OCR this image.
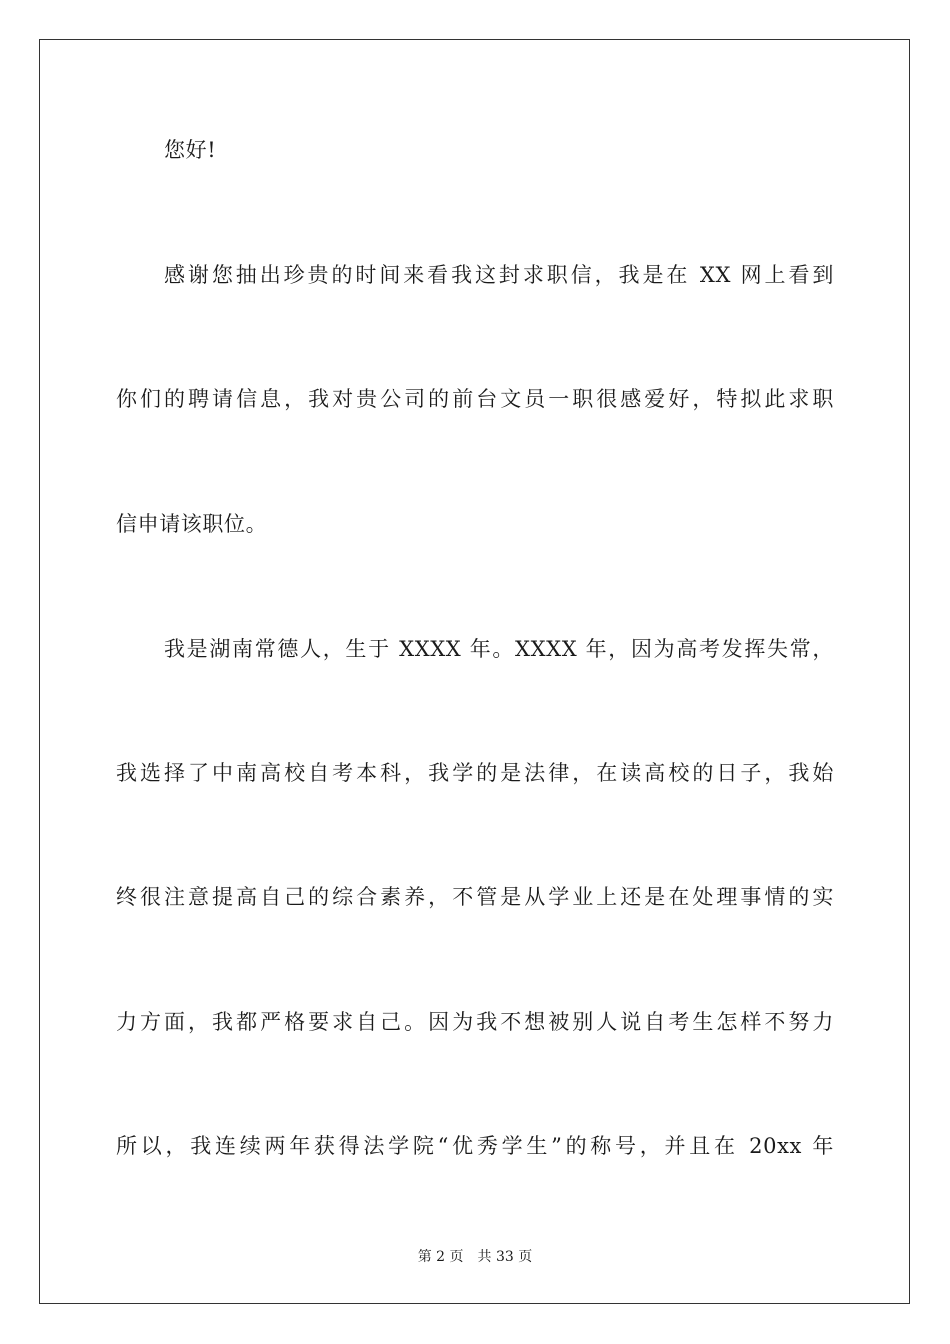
您好!
感谢您抽出珍贵的时间来看我这封求职信，我是在 XX 网上看到
你们的聘请信息，我对贵公司的前台文员一职很感爱好，特拟此求职
信申请该职位。
我是湖南常德人，生于 XXXX 年。XXXX 年，因为高考发挥失常，
我选择了中南高校自考本科，我学的是法律，在读高校的日子，我始
终很注意提高自己的综合素养，不管是从学业上还是在处理事情的实
力方面，我都严格要求自己。因为我不想被别人说自考生怎样不努力
所以，我连续两年获得法学院“优秀学生”的称号，并且在 20xx 年
第 2 页 共 33 页
